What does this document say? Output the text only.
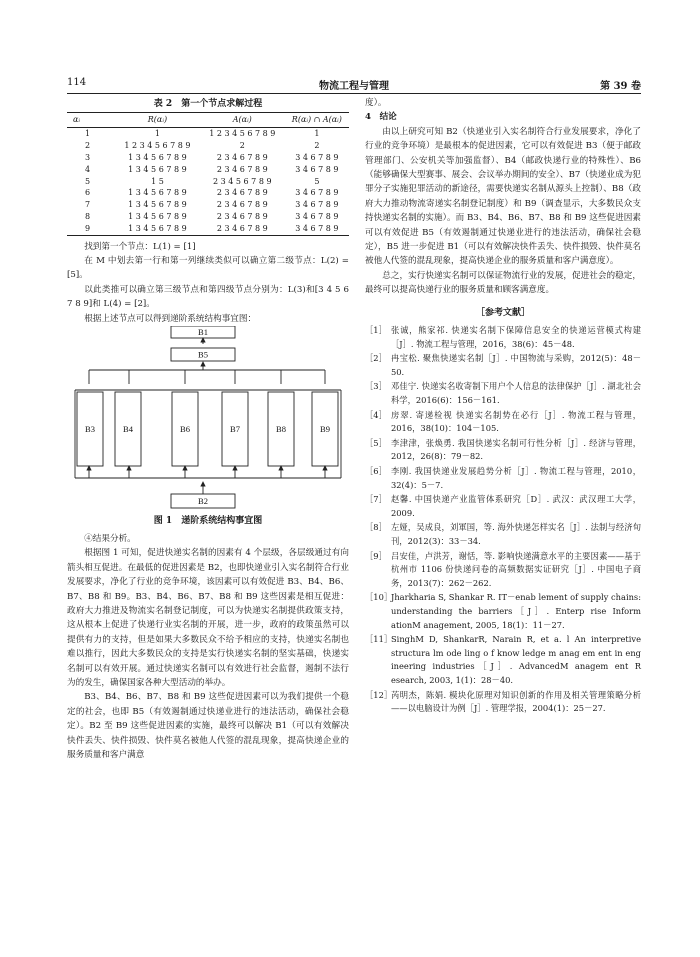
114	物流工程与管理	第 39 卷
表 2　第一个节点求解过程
αᵢ	R(αᵢ)	A(αᵢ)	R(αᵢ) ∩ A(αᵢ)
1	1	1 2 3 4 5 6 7 8 9	1
2	1 2 3 4 5 6 7 8 9	2	2
3	1 3 4 5 6 7 8 9	2 3 4 6 7 8 9	3 4 6 7 8 9
4	1 3 4 5 6 7 8 9	2 3 4 6 7 8 9	3 4 6 7 8 9
5	1 5	2 3 4 5 6 7 8 9	5
6	1 3 4 5 6 7 8 9	2 3 4 6 7 8 9	3 4 6 7 8 9
7	1 3 4 5 6 7 8 9	2 3 4 6 7 8 9	3 4 6 7 8 9
8	1 3 4 5 6 7 8 9	2 3 4 6 7 8 9	3 4 6 7 8 9
9	1 3 4 5 6 7 8 9	2 3 4 6 7 8 9	3 4 6 7 8 9

找到第一个节点：L(1) = [1]

在 M 中划去第一行和第一列继续类似可以确立第二级节点：L(2) = [5]。

以此类推可以确立第三级节点和第四级节点分别为：L(3)和[3 4 5 6 7 8 9]和 L(4) = [2]。

根据上述节点可以得到递阶系统结构事宜图：

B1
B5
B3	B4	B6	B7	B8	B9
B2
图 1　递阶系统结构事宜图

④结果分析。

根据图 1 可知，促进快递实名制的因素有 4 个层级，各层级通过有向箭头相互促进。在最低的促进因素是 B2，也即快递业引入实名制符合行业发展要求，净化了行业的竞争环境，该因素可以有效促进 B3、B4、B6、B7、B8 和 B9。B3、B4、B6、B7、B8 和 B9 这些因素是相互促进：政府大力推进及物流实名制登记制度，可以为快递实名制提供政策支持，这从根本上促进了快递行业实名制的开展，进一步，政府的政策虽然可以提供有力的支持，但是如果大多数民众不给予相应的支持，快递实名制也难以推行，因此大多数民众的支持是实行快递实名制的坚实基础，快递实名制可以有效开展。通过快递实名制可以有效进行社会监督，遏制不法行为的发生，确保国家各种大型活动的举办。

B3、B4、B6、B7、B8 和 B9 这些促进因素可以为我们提供一个稳定的社会，也即 B5（有效遏制通过快递业进行的违法活动，确保社会稳定）。B2 至 B9 这些促进因素的实施，最终可以解决 B1（可以有效解决快件丢失、快件损毁、快件莫名被他人代签的混乱现象，提高快递企业的服务质量和客户满意

度）。

4　结论

由以上研究可知 B2（快递业引入实名制符合行业发展要求，净化了行业的竞争环境）是最根本的促进因素，它可以有效促进 B3（便于邮政管理部门、公安机关等加强监督）、B4（邮政快递行业的特殊性）、B6（能够确保大型赛事、展会、会议举办期间的安全）、B7（快递业成为犯罪分子实施犯罪活动的新途径，需要快递实名制从源头上控制）、B8（政府大力推动物流寄递实名制登记制度）和 B9（调查显示，大多数民众支持快递实名制的实施）。而 B3、B4、B6、B7、B8 和 B9 这些促进因素可以有效促进 B5（有效遏制通过快递业进行的违法活动，确保社会稳定），B5 进一步促进 B1（可以有效解决快件丢失、快件损毁、快件莫名被他人代签的混乱现象，提高快递企业的服务质量和客户满意度）。

总之，实行快递实名制可以保证物流行业的发展，促进社会的稳定，最终可以提高快递行业的服务质量和顾客满意度。

［参考文献］
［1］ 张诚，熊家祁. 快递实名制下保障信息安全的快递运营模式构建［J］. 物流工程与管理，2016，38(6)：45－48.
［2］ 冉宝松. 聚焦快递实名制［J］. 中国物流与采购，2012(5)：48－50.
［3］ 邓佳宁. 快递实名收寄制下用户个人信息的法律保护［J］. 湖北社会科学，2016(6)：156－161.
［4］ 房翠. 寄递检视 快递实名制势在必行［J］. 物流工程与管理，2016，38(10)：104－105.
［5］ 李津津，张焕勇. 我国快递实名制可行性分析［J］. 经济与管理，2012，26(8)：79－82.
［6］ 李刚. 我国快递业发展趋势分析［J］. 物流工程与管理，2010，32(4)：5－7.
［7］ 赵馨. 中国快递产业监管体系研究［D］. 武汉：武汉理工大学，2009.
［8］ 左娅，吴成良，刘軍国，等. 海外快递怎样实名［J］. 法制与经济旬刊，2012(3)：33－34.
［9］ 吕安佳，卢洪芳，谢恬，等. 影响快递满意水平的主要因素——基于杭州市 1106 份快递问卷的高频数据实证研究［J］. 中国电子商务，2013(7)：262－262.
［10］
Jharkharia S, Shankar R. IT－enab lement of supply chains: understanding the barriers［J］. Enterp rise Inform ationM anagement, 2005, 18(1)：11－27.
［11］
SinghM D, ShankarR, Narain R, et a. l An interpretive structura lm ode ling o f know ledge m anag em ent in eng ineering industries［J］. AdvancedM anagem ent R esearch, 2003, 1(1)：28－40.
［12］
芮明杰，陈娟. 模块化原理对知识创新的作用及相关管理策略分析——以电脑设计为例［J］. 管理学报，2004(1)：25－27.
